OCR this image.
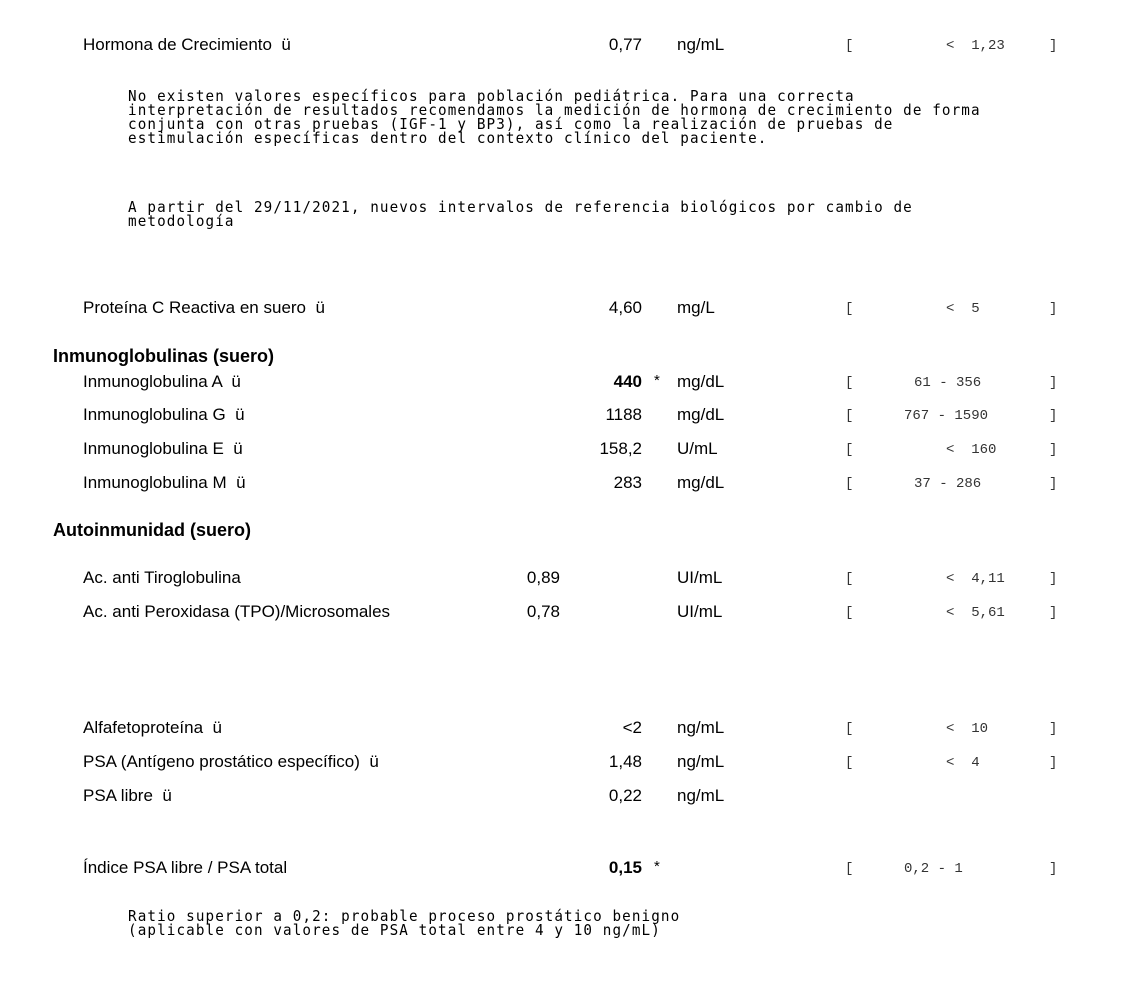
Hormona de Crecimiento  ü	0,77 ng/mL	[	<  1,23	]
No existen valores específicos para población pediátrica. Para una correcta
interpretación de resultados recomendamos la medición de hormona de crecimiento de forma
conjunta con otras pruebas (IGF-1 y BP3), así como la realización de pruebas de
estimulación específicas dentro del contexto clínico del paciente.
A partir del 29/11/2021, nuevos intervalos de referencia biológicos por cambio de
metodología
Proteína C Reactiva en suero  ü	4,60 mg/L	[	<  5	]
Inmunoglobulinas (suero)
Inmunoglobulina A  ü	440 * mg/dL	[	61 - 356	]
Inmunoglobulina G  ü	1188 mg/dL	[	767 - 1590	]
Inmunoglobulina E  ü	158,2 U/mL	[	<  160	]
Inmunoglobulina M  ü	283 mg/dL	[	37 - 286	]
Autoinmunidad (suero)
Ac. anti Tiroglobulina	0,89	UI/mL	[	<  4,11	]
Ac. anti Peroxidasa (TPO)/Microsomales	0,78	UI/mL	[	<  5,61	]
Alfafetoproteína  ü	<2 ng/mL	[	<  10	]
PSA (Antígeno prostático específico)  ü	1,48 ng/mL	[	<  4	]
PSA libre  ü	0,22 ng/mL
Índice PSA libre / PSA total	0,15 *	[	0,2 - 1	]
Ratio superior a 0,2: probable proceso prostático benigno
(aplicable con valores de PSA total entre 4 y 10 ng/mL)
